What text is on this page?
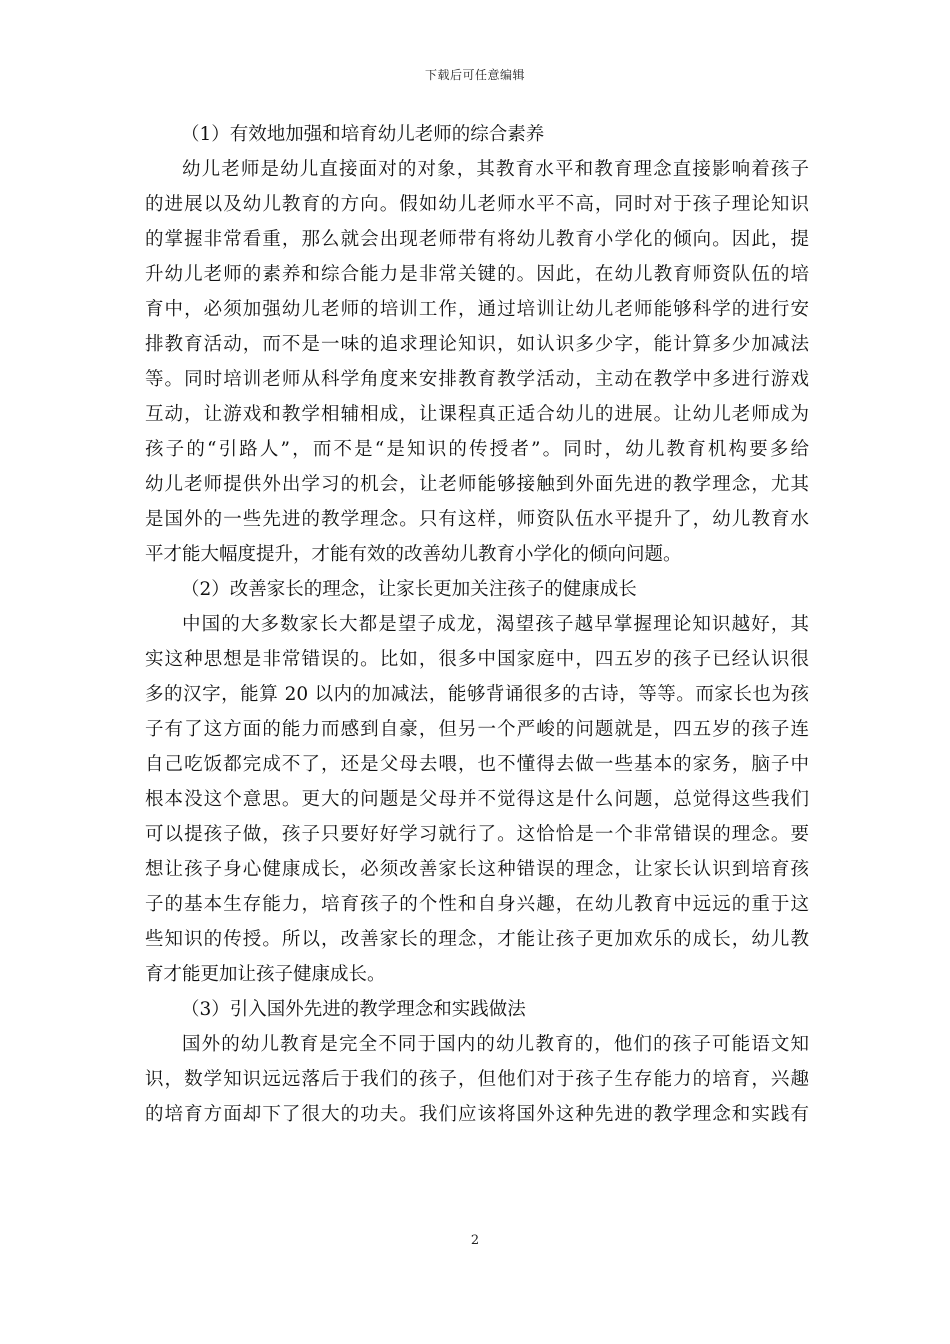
下载后可任意编辑
（1）有效地加强和培育幼儿老师的综合素养
幼儿老师是幼儿直接面对的对象，其教育水平和教育理念直接影响着孩子
的进展以及幼儿教育的方向。假如幼儿老师水平不高，同时对于孩子理论知识
的掌握非常看重，那么就会出现老师带有将幼儿教育小学化的倾向。因此，提
升幼儿老师的素养和综合能力是非常关键的。因此，在幼儿教育师资队伍的培
育中，必须加强幼儿老师的培训工作，通过培训让幼儿老师能够科学的进行安
排教育活动，而不是一味的追求理论知识，如认识多少字，能计算多少加减法
等。同时培训老师从科学角度来安排教育教学活动，主动在教学中多进行游戏
互动，让游戏和教学相辅相成，让课程真正适合幼儿的进展。让幼儿老师成为
孩子的“引路人”，而不是“是知识的传授者”。同时，幼儿教育机构要多给
幼儿老师提供外出学习的机会，让老师能够接触到外面先进的教学理念，尤其
是国外的一些先进的教学理念。只有这样，师资队伍水平提升了，幼儿教育水
平才能大幅度提升，才能有效的改善幼儿教育小学化的倾向问题。
（2）改善家长的理念，让家长更加关注孩子的健康成长
中国的大多数家长大都是望子成龙，渴望孩子越早掌握理论知识越好，其
实这种思想是非常错误的。比如，很多中国家庭中，四五岁的孩子已经认识很
多的汉字，能算 20 以内的加减法，能够背诵很多的古诗，等等。而家长也为孩
子有了这方面的能力而感到自豪，但另一个严峻的问题就是，四五岁的孩子连
自己吃饭都完成不了，还是父母去喂，也不懂得去做一些基本的家务，脑子中
根本没这个意思。更大的问题是父母并不觉得这是什么问题，总觉得这些我们
可以提孩子做，孩子只要好好学习就行了。这恰恰是一个非常错误的理念。要
想让孩子身心健康成长，必须改善家长这种错误的理念，让家长认识到培育孩
子的基本生存能力，培育孩子的个性和自身兴趣，在幼儿教育中远远的重于这
些知识的传授。所以，改善家长的理念，才能让孩子更加欢乐的成长，幼儿教
育才能更加让孩子健康成长。
（3）引入国外先进的教学理念和实践做法
国外的幼儿教育是完全不同于国内的幼儿教育的，他们的孩子可能语文知
识，数学知识远远落后于我们的孩子，但他们对于孩子生存能力的培育，兴趣
的培育方面却下了很大的功夫。我们应该将国外这种先进的教学理念和实践有
2
